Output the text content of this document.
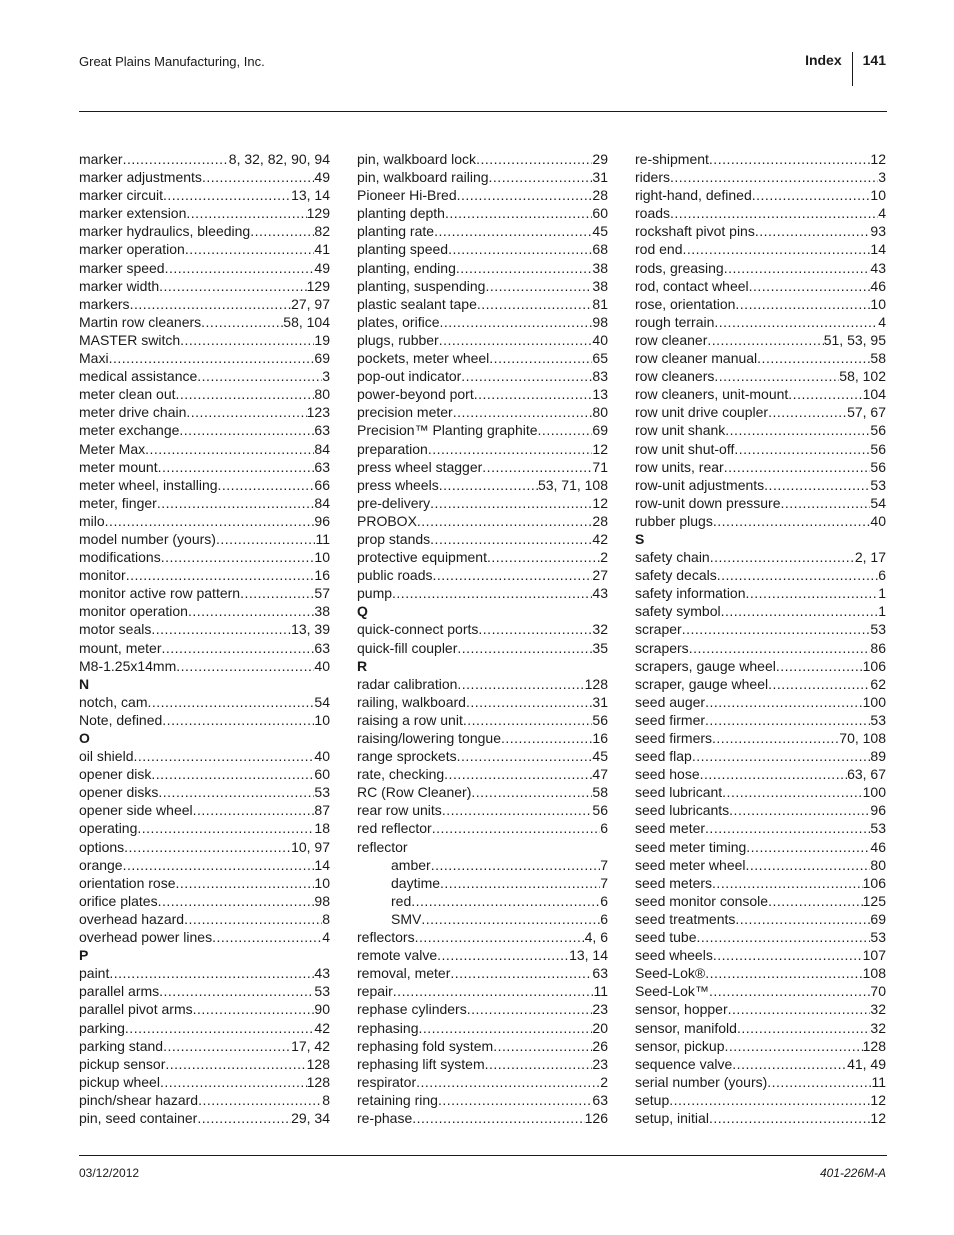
Great Plains Manufacturing, Inc.	Index	141
marker .....	8, 32, 82, 90, 94
marker adjustments .....	49
marker circuit .....	13, 14
marker extension .....	129
marker hydraulics, bleeding .....	82
marker operation .....	41
marker speed .....	49
marker width .....	129
markers .....	27, 97
Martin row cleaners .....	58, 104
MASTER switch .....	19
Maxi .....	69
medical assistance .....	3
meter clean out .....	80
meter drive chain .....	123
meter exchange .....	63
Meter Max .....	84
meter mount .....	63
meter wheel, installing .....	66
meter, finger .....	84
milo .....	96
model number (yours) .....	11
modifications .....	10
monitor .....	16
monitor active row pattern .....	57
monitor operation .....	38
motor seals .....	13, 39
mount, meter .....	63
M8-1.25x14mm .....	40
N
notch, cam .....	54
Note, defined .....	10
O
oil shield .....	40
opener disk .....	60
opener disks .....	53
opener side wheel .....	87
operating .....	18
options .....	10, 97
orange .....	14
orientation rose .....	10
orifice plates .....	98
overhead hazard .....	8
overhead power lines .....	4
P
paint .....	43
parallel arms .....	53
parallel pivot arms .....	90
parking .....	42
parking stand .....	17, 42
pickup sensor .....	128
pickup wheel .....	128
pinch/shear hazard .....	8
pin, seed container .....	29, 34
pin, walkboard lock .....	29
pin, walkboard railing .....	31
Pioneer Hi-Bred .....	28
planting depth .....	60
planting rate .....	45
planting speed .....	68
planting, ending .....	38
planting, suspending .....	38
plastic sealant tape .....	81
plates, orifice .....	98
plugs, rubber .....	40
pockets, meter wheel .....	65
pop-out indicator .....	83
power-beyond port .....	13
precision meter .....	80
Precision™ Planting graphite .....	69
preparation .....	12
press wheel stagger .....	71
press wheels .....	53, 71, 108
pre-delivery .....	12
PROBOX .....	28
prop stands .....	42
protective equipment .....	2
public roads .....	27
pump .....	43
Q
quick-connect ports .....	32
quick-fill coupler .....	35
R
radar calibration .....	128
railing, walkboard .....	31
raising a row unit .....	56
raising/lowering tongue .....	16
range sprockets .....	45
rate, checking .....	47
RC (Row Cleaner) .....	58
rear row units .....	56
red reflector .....	6
reflector
amber .....	7
daytime .....	7
red .....	6
SMV .....	6
reflectors .....	4, 6
remote valve .....	13, 14
removal, meter .....	63
repair .....	11
rephase cylinders .....	23
rephasing .....	20
rephasing fold system .....	26
rephasing lift system .....	23
respirator .....	2
retaining ring .....	63
re-phase .....	126
re-shipment .....	12
riders .....	3
right-hand, defined .....	10
roads .....	4
rockshaft pivot pins .....	93
rod end .....	14
rods, greasing .....	43
rod, contact wheel .....	46
rose, orientation .....	10
rough terrain .....	4
row cleaner .....	51, 53, 95
row cleaner manual .....	58
row cleaners .....	58, 102
row cleaners, unit-mount .....	104
row unit drive coupler .....	57, 67
row unit shank .....	56
row unit shut-off .....	56
row units, rear .....	56
row-unit adjustments .....	53
row-unit down pressure .....	54
rubber plugs .....	40
S
safety chain .....	2, 17
safety decals .....	6
safety information .....	1
safety symbol .....	1
scraper .....	53
scrapers .....	86
scrapers, gauge wheel .....	106
scraper, gauge wheel .....	62
seed auger .....	100
seed firmer .....	53
seed firmers .....	70, 108
seed flap .....	89
seed hose .....	63, 67
seed lubricant .....	100
seed lubricants .....	96
seed meter .....	53
seed meter timing .....	46
seed meter wheel .....	80
seed meters .....	106
seed monitor console .....	125
seed treatments .....	69
seed tube .....	53
seed wheels .....	107
Seed-Lok® .....	108
Seed-Lok™ .....	70
sensor, hopper .....	32
sensor, manifold .....	32
sensor, pickup .....	128
sequence valve .....	41, 49
serial number (yours) .....	11
setup .....	12
setup, initial .....	12
03/12/2012	401-226M-A
